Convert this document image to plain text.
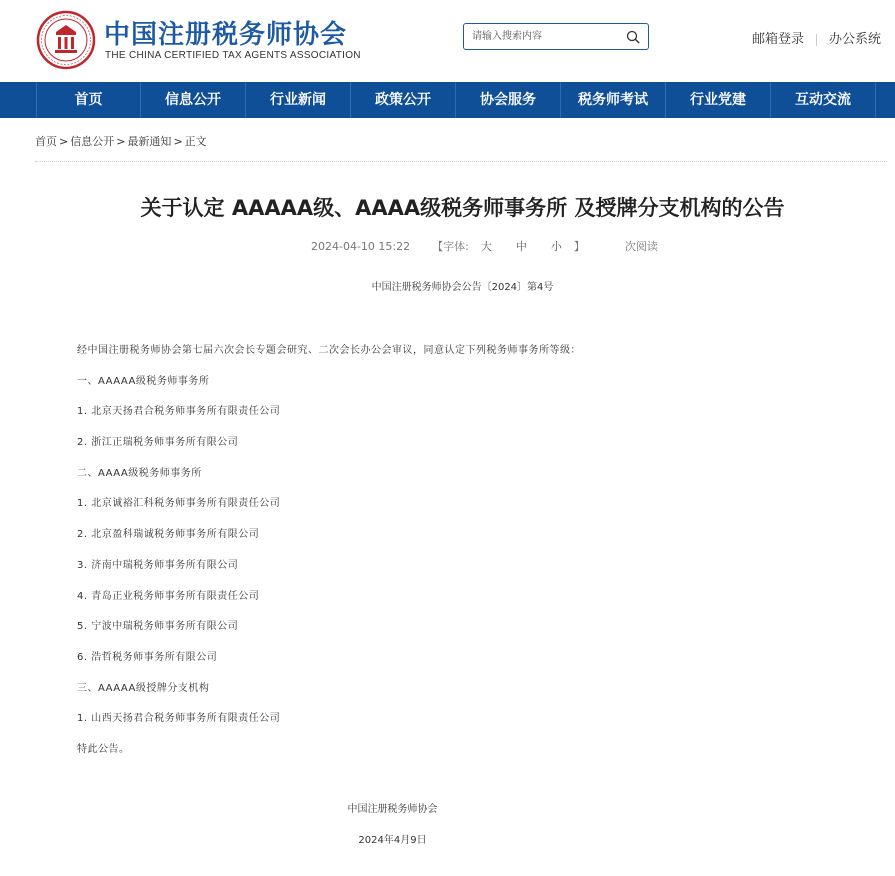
中国注册税务师协会
THE CHINA CERTIFIED TAX AGENTS ASSOCIATION
请输入搜索内容
邮箱登录 办公系统
首页	信息公开	行业新闻	政策公开	协会服务	税务师考试	行业党建	互动交流
首页 > 信息公开 > 最新通知 > 正文
关于认定 AAAAA级、AAAA级税务师事务所 及授牌分支机构的公告
2024-04-10 15:22 【字体: 大 中 小 】	次阅读
中国注册税务师协会公告〔2024〕第4号
经中国注册税务师协会第七届六次会长专题会研究、二次会长办公会审议，同意认定下列税务师事务所等级：
一、AAAAA级税务师事务所
1. 北京天扬君合税务师事务所有限责任公司
2. 浙江正瑞税务师事务所有限公司
二、AAAA级税务师事务所
1. 北京诚裕汇科税务师事务所有限责任公司
2. 北京盈科瑞诚税务师事务所有限公司
3. 济南中瑞税务师事务所有限公司
4. 青岛正业税务师事务所有限责任公司
5. 宁波中瑞税务师事务所有限公司
6. 浩哲税务师事务所有限公司
三、AAAAA级授牌分支机构
1. 山西天扬君合税务师事务所有限责任公司
特此公告。
中国注册税务师协会
2024年4月9日
